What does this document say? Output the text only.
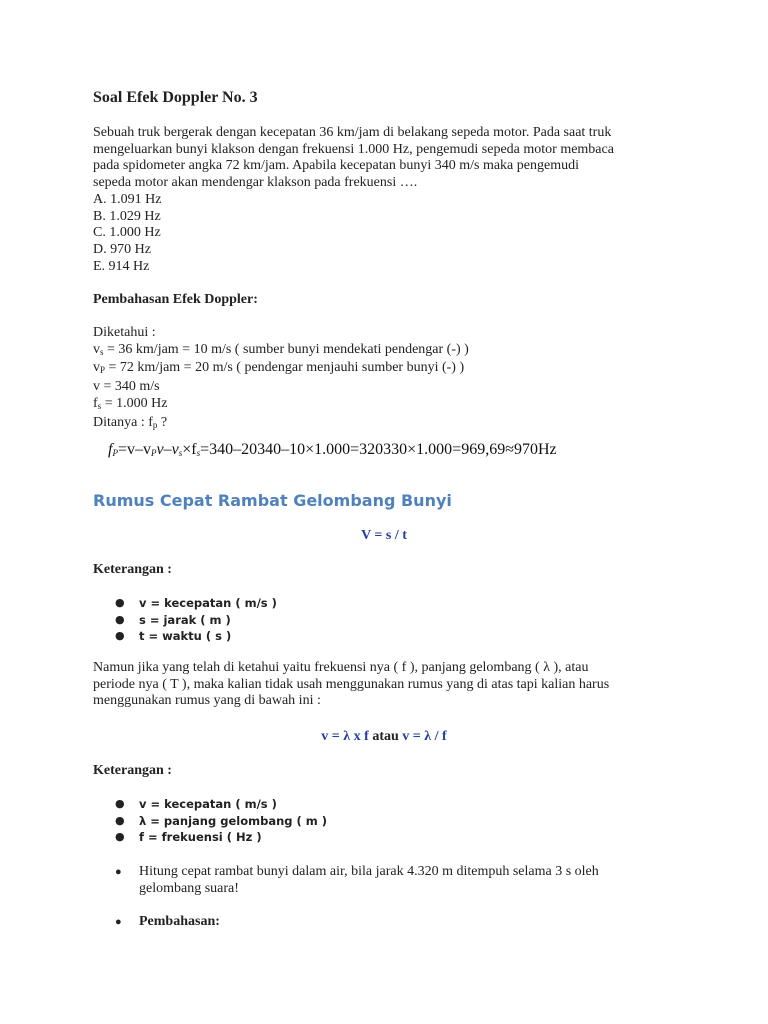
Soal Efek Doppler No. 3
Sebuah truk bergerak dengan kecepatan 36 km/jam di belakang sepeda motor. Pada saat truk
mengeluarkan bunyi klakson dengan frekuensi 1.000 Hz, pengemudi sepeda motor membaca
pada spidometer angka 72 km/jam. Apabila kecepatan bunyi 340 m/s maka pengemudi
sepeda motor akan mendengar klakson pada frekuensi ….
A. 1.091 Hz
B. 1.029 Hz
C. 1.000 Hz
D. 970 Hz
E. 914 Hz
Pembahasan Efek Doppler:
Diketahui :
$v_s = 36$ km/jam = 10 m/s ( sumber bunyi mendekati pendengar (-) )
$v_P = 72$ km/jam = 20 m/s ( pendengar menjauhi sumber bunyi (-) )
v = 340 m/s
$f_s = 1.000$ Hz
Ditanya : $f_p$ ?
$f_P=v-v_Pv-v_s\times f_s=340-20340-10\times 1.000=320330\times 1.000=969,69\approx 970Hz$
Rumus Cepat Rambat Gelombang Bunyi
V = s / t
Keterangan :
● v = kecepatan ( m/s )
● s = jarak ( m )
● t = waktu ( s )
Namun jika yang telah di ketahui yaitu frekuensi nya ( f ), panjang gelombang ( λ ), atau
periode nya ( T ), maka kalian tidak usah menggunakan rumus yang di atas tapi kalian harus
menggunakan rumus yang di bawah ini :
v = λ x f atau v = λ / f
Keterangan :
● v = kecepatan ( m/s )
● λ = panjang gelombang ( m )
● f = frekuensi ( Hz )
● Hitung cepat rambat bunyi dalam air, bila jarak 4.320 m ditempuh selama 3 s oleh
gelombang suara!
● Pembahasan:
